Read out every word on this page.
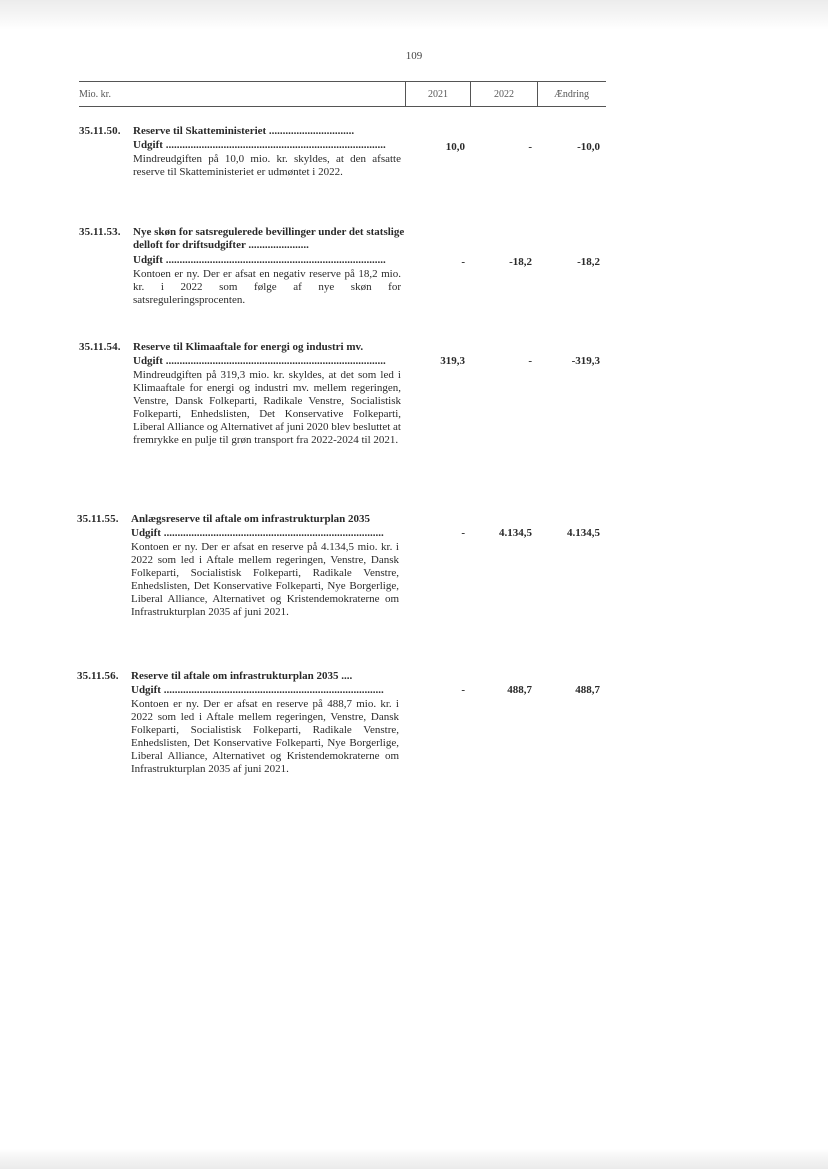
109
Mio. kr.	2021	2022	Ændring
35.11.50. Reserve til Skatteministeriet ...............................
Udgift ................................................................................
Mindreudgiften på 10,0 mio. kr. skyldes, at den afsatte reserve til Skatteministeriet er udmøntet i 2022.
10,0	-	-10,0
35.11.53. Nye skøn for satsregulerede bevillinger under det statslige delloft for driftsudgifter ......................
Udgift ................................................................................
Kontoen er ny. Der er afsat en negativ reserve på 18,2 mio. kr. i 2022 som følge af nye skøn for satsreguleringsprocenten.
-	-18,2	-18,2
35.11.54. Reserve til Klimaaftale for energi og industri mv.
Udgift ................................................................................
Mindreudgiften på 319,3 mio. kr. skyldes, at det som led i Klimaaftale for energi og industri mv. mellem regeringen, Venstre, Dansk Folkeparti, Radikale Venstre, Socialistisk Folkeparti, Enhedslisten, Det Konservative Folkeparti, Liberal Alliance og Alternativet af juni 2020 blev besluttet at fremrykke en pulje til grøn transport fra 2022-2024 til 2021.
319,3	-	-319,3
35.11.55. Anlægsreserve til aftale om infrastrukturplan 2035
Udgift ................................................................................
Kontoen er ny. Der er afsat en reserve på 4.134,5 mio. kr. i 2022 som led i Aftale mellem regeringen, Venstre, Dansk Folkeparti, Socialistisk Folkeparti, Radikale Venstre, Enhedslisten, Det Konservative Folkeparti, Nye Borgerlige, Liberal Alliance, Alternativet og Kristendemokraterne om Infrastrukturplan 2035 af juni 2021.
-	4.134,5	4.134,5
35.11.56. Reserve til aftale om infrastrukturplan 2035 ....
Udgift ................................................................................
Kontoen er ny. Der er afsat en reserve på 488,7 mio. kr. i 2022 som led i Aftale mellem regeringen, Venstre, Dansk Folkeparti, Socialistisk Folkeparti, Radikale Venstre, Enhedslisten, Det Konservative Folkeparti, Nye Borgerlige, Liberal Alliance, Alternativet og Kristendemokraterne om Infrastrukturplan 2035 af juni 2021.
-	488,7	488,7
